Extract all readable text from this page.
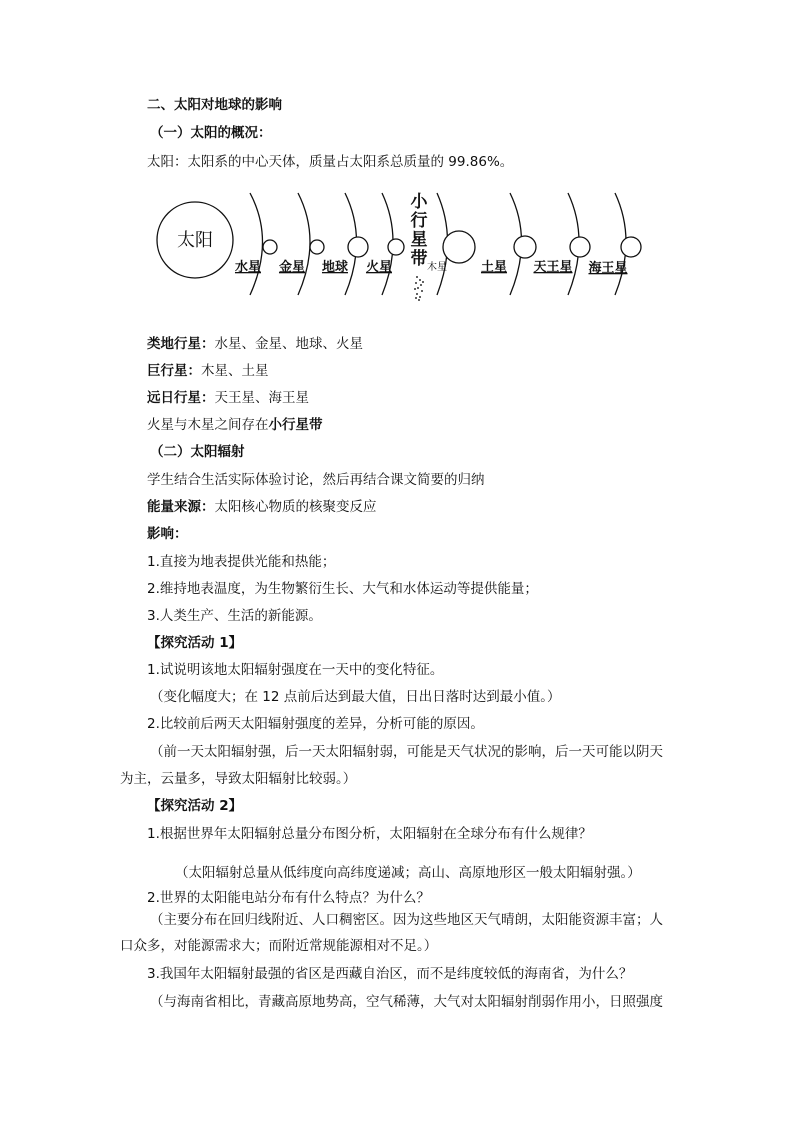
二、太阳对地球的影响
（一）太阳的概况：
太阳：太阳系的中心天体，质量占太阳系总质量的 99.86%。
太阳
小
行
星
带
水星 金星 地球 火星	木星	土星 天王星 海王星
类地行星：水星、金星、地球、火星
巨行星：木星、土星
远日行星：天王星、海王星
火星与木星之间存在小行星带
（二）太阳辐射
学生结合生活实际体验讨论，然后再结合课文简要的归纳
能量来源：太阳核心物质的核聚变反应
影响：
1.直接为地表提供光能和热能；
2.维持地表温度，为生物繁衍生长、大气和水体运动等提供能量；
3.人类生产、生活的新能源。
【探究活动 1】
1.试说明该地太阳辐射强度在一天中的变化特征。
（变化幅度大；在 12 点前后达到最大值，日出日落时达到最小值。）
2.比较前后两天太阳辐射强度的差异，分析可能的原因。
（前一天太阳辐射强，后一天太阳辐射弱，可能是天气状况的影响，后一天可能以阴天
为主，云量多，导致太阳辐射比较弱。）
【探究活动 2】
1.根据世界年太阳辐射总量分布图分析，太阳辐射在全球分布有什么规律？
（太阳辐射总量从低纬度向高纬度递减；高山、高原地形区一般太阳辐射强。）
2.世界的太阳能电站分布有什么特点？为什么？
（主要分布在回归线附近、人口稠密区。因为这些地区天气晴朗，太阳能资源丰富；人
口众多，对能源需求大；而附近常规能源相对不足。）
3.我国年太阳辐射最强的省区是西藏自治区，而不是纬度较低的海南省，为什么？
（与海南省相比，青藏高原地势高，空气稀薄，大气对太阳辐射削弱作用小，日照强度
